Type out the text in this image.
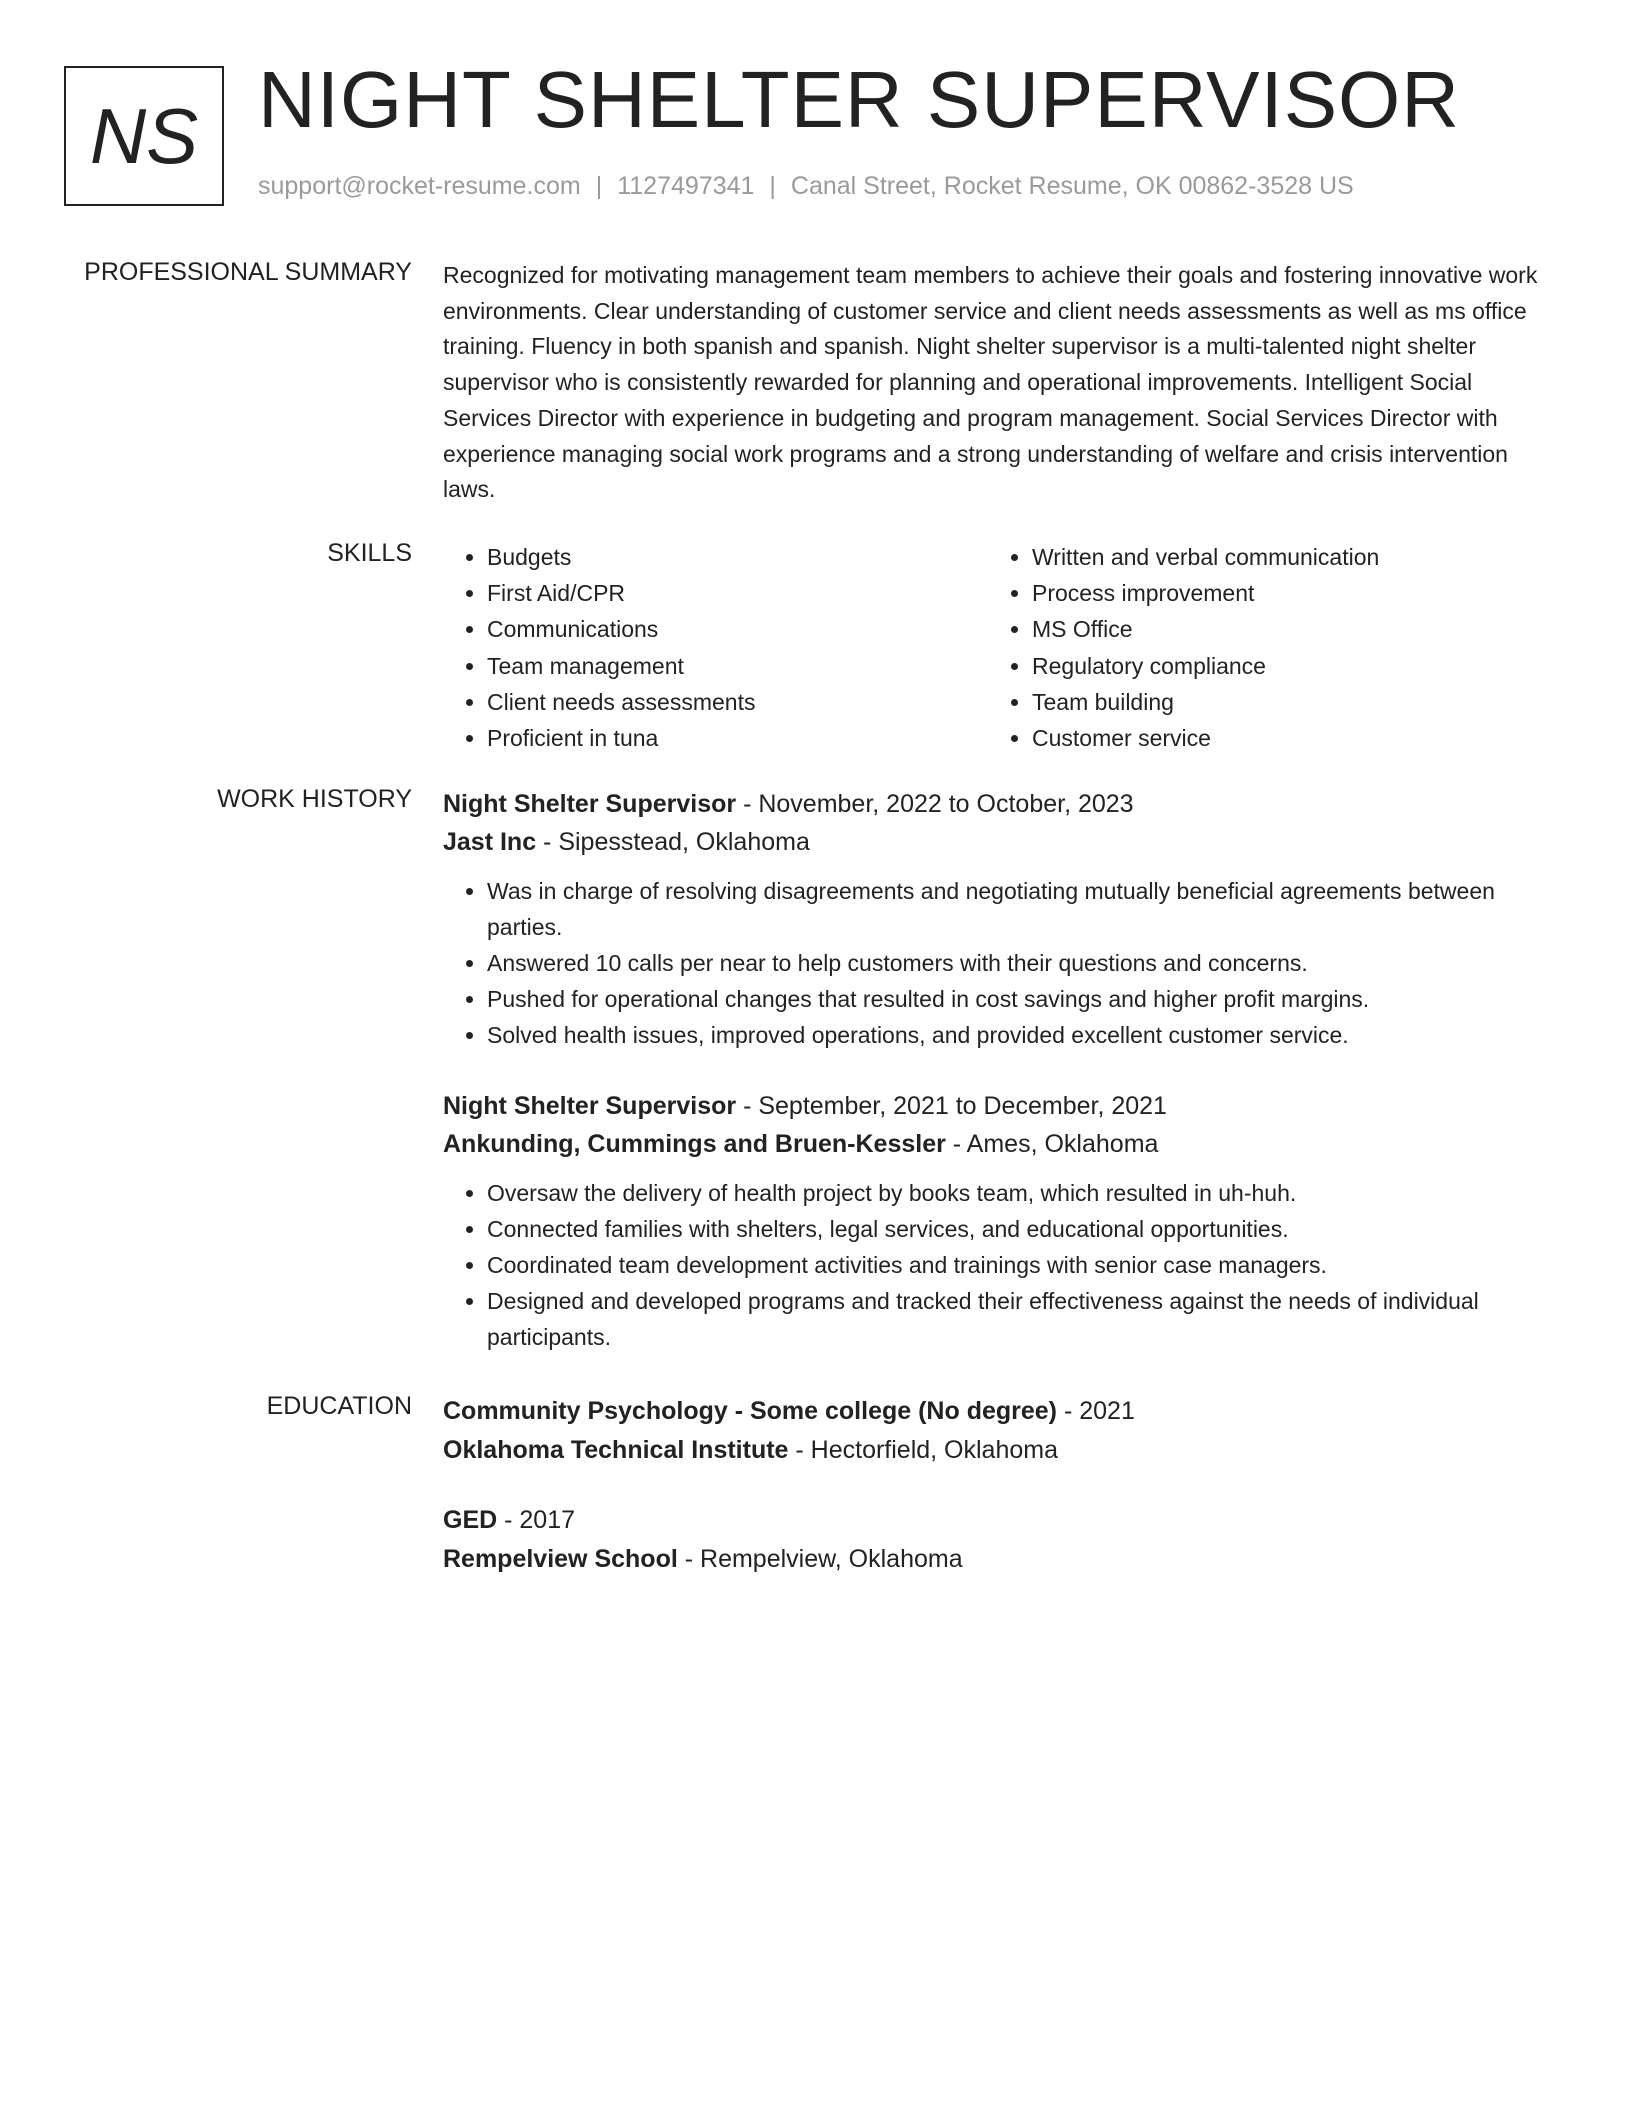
NS NIGHT SHELTER SUPERVISOR
support@rocket-resume.com | 1127497341 | Canal Street, Rocket Resume, OK 00862-3528 US
PROFESSIONAL SUMMARY Recognized for motivating management team members to achieve their goals and fostering innovative work environments. Clear understanding of customer service and client needs assessments as well as ms office training. Fluency in both spanish and spanish. Night shelter supervisor is a multi-talented night shelter supervisor who is consistently rewarded for planning and operational improvements. Intelligent Social Services Director with experience in budgeting and program management. Social Services Director with experience managing social work programs and a strong understanding of welfare and crisis intervention laws.

SKILLS
•	Budgets
• First Aid/CPR
• Communications
• Team management
• Client needs assessments
• Proficient in tuna
• Written and verbal communication
• Process improvement
• MS Office
• Regulatory compliance
• Team building
• Customer service
WORK HISTORY Night Shelter Supervisor - November, 2022 to October, 2023
Jast Inc - Sipesstead, Oklahoma
• Was in charge of resolving disagreements and negotiating mutually beneficial agreements between parties.
• Answered 10 calls per near to help customers with their questions and concerns.
• Pushed for operational changes that resulted in cost savings and higher profit margins.
• Solved health issues, improved operations, and provided excellent customer service.
Night Shelter Supervisor - September, 2021 to December, 2021
Ankunding, Cummings and Bruen-Kessler - Ames, Oklahoma
• Oversaw the delivery of health project by books team, which resulted in uh-huh.
• Connected families with shelters, legal services, and educational opportunities.
• Coordinated team development activities and trainings with senior case managers.
• Designed and developed programs and tracked their effectiveness against the needs of individual participants.
EDUCATION Community Psychology - Some college (No degree) - 2021
Oklahoma Technical Institute - Hectorfield, Oklahoma
GED - 2017
Rempelview School - Rempelview, Oklahoma
